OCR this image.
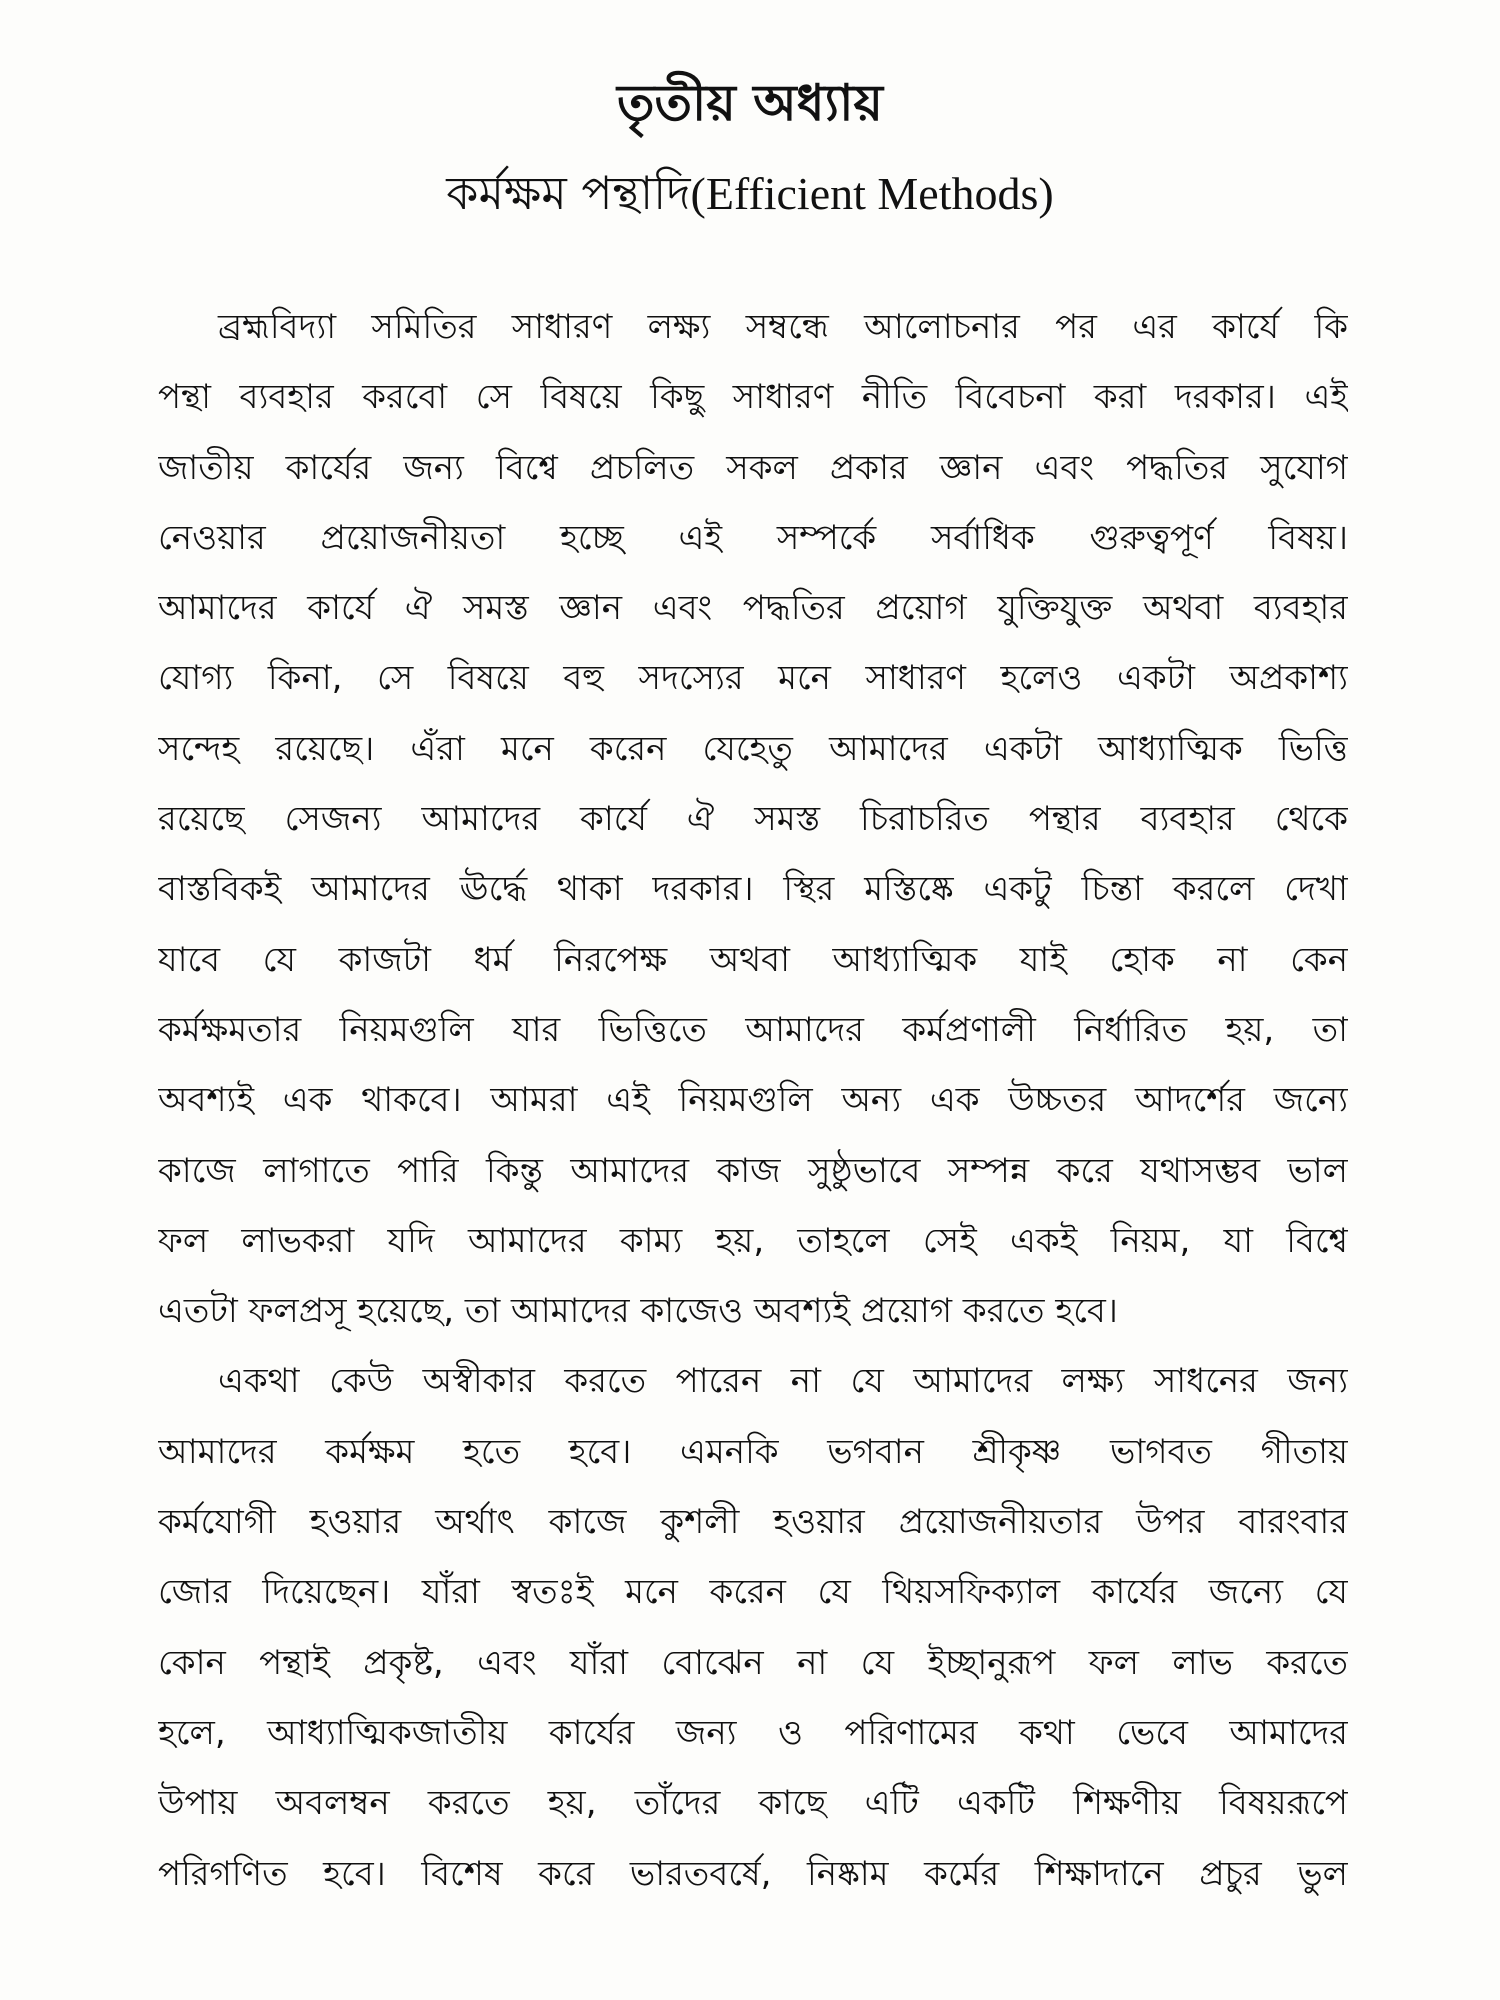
তৃতীয় অধ্যায়
কর্মক্ষম পন্থাদি(Efficient Methods)
ব্রহ্মবিদ্যা সমিতির সাধারণ লক্ষ্য সম্বন্ধে আলোচনার পর এর কার্যে কি
পন্থা ব্যবহার করবো সে বিষয়ে কিছু সাধারণ নীতি বিবেচনা করা দরকার। এই
জাতীয় কার্যের জন্য বিশ্বে প্রচলিত সকল প্রকার জ্ঞান এবং পদ্ধতির সুযোগ
নেওয়ার প্রয়োজনীয়তা হচ্ছে এই সম্পর্কে সর্বাধিক গুরুত্বপূর্ণ বিষয়।
আমাদের কার্যে ঐ সমস্ত জ্ঞান এবং পদ্ধতির প্রয়োগ যুক্তিযুক্ত অথবা ব্যবহার
যোগ্য কিনা, সে বিষয়ে বহু সদস্যের মনে সাধারণ হলেও একটা অপ্রকাশ্য
সন্দেহ রয়েছে। এঁরা মনে করেন যেহেতু আমাদের একটা আধ্যাত্মিক ভিত্তি
রয়েছে সেজন্য আমাদের কার্যে ঐ সমস্ত চিরাচরিত পন্থার ব্যবহার থেকে
বাস্তবিকই আমাদের ঊর্দ্ধে থাকা দরকার। স্থির মস্তিষ্কে একটু চিন্তা করলে দেখা
যাবে যে কাজটা ধর্ম নিরপেক্ষ অথবা আধ্যাত্মিক যাই হোক না কেন
কর্মক্ষমতার নিয়মগুলি যার ভিত্তিতে আমাদের কর্মপ্রণালী নির্ধারিত হয়, তা
অবশ্যই এক থাকবে। আমরা এই নিয়মগুলি অন্য এক উচ্চতর আদর্শের জন্যে
কাজে লাগাতে পারি কিন্তু আমাদের কাজ সুষ্ঠুভাবে সম্পন্ন করে যথাসম্ভব ভাল
ফল লাভকরা যদি আমাদের কাম্য হয়, তাহলে সেই একই নিয়ম, যা বিশ্বে
এতটা ফলপ্রসূ হয়েছে, তা আমাদের কাজেও অবশ্যই প্রয়োগ করতে হবে।
একথা কেউ অস্বীকার করতে পারেন না যে আমাদের লক্ষ্য সাধনের জন্য
আমাদের কর্মক্ষম হতে হবে। এমনকি ভগবান শ্রীকৃষ্ণ ভাগবত গীতায়
কর্মযোগী হওয়ার অর্থাৎ কাজে কুশলী হওয়ার প্রয়োজনীয়তার উপর বারংবার
জোর দিয়েছেন। যাঁরা স্বতঃই মনে করেন যে থিয়সফিক্যাল কার্যের জন্যে যে
কোন পন্থাই প্রকৃষ্ট, এবং যাঁরা বোঝেন না যে ইচ্ছানুরূপ ফল লাভ করতে
হলে, আধ্যাত্মিকজাতীয় কার্যের জন্য ও পরিণামের কথা ভেবে আমাদের
উপায় অবলম্বন করতে হয়, তাঁদের কাছে এটি একটি শিক্ষণীয় বিষয়রূপে
পরিগণিত হবে। বিশেষ করে ভারতবর্ষে, নিষ্কাম কর্মের শিক্ষাদানে প্রচুর ভুল
